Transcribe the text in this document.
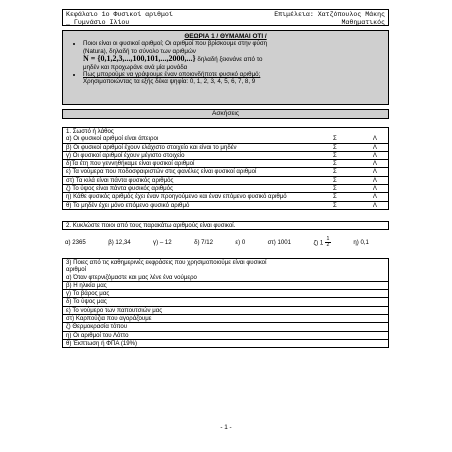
Κεφάλαιο 1ο Φυσικοί αριθμοί	Επιμέλεια: Χατζόπουλος Μάκης
_ Γυμνάσιο Ιλίου	Μαθηματικός
ΘΕΩΡΙΑ 1 / ΘΥΜΑΜΑΙ ΟΤΙ /
• Ποιοι είναι οι φυσικοί αριθμοί; Οι αριθμοί που βρίσκουμε στην φύση
(Natura), δηλαδή το σύνολο των αριθμών
N = {0,1,2,3,...,100,101,...,2000,...} δηλαδή ξεκινάνε από το
μηδέν και προχωράνε ανά μία μονάδα
• Πως μπορούμε να γράψουμε έναν οποιονδήποτε φυσικό αριθμό;
Χρησιμοποιώντας τα εξής δέκα ψηφία: 0, 1, 2, 3, 4, 5, 6, 7, 8, 9
Ασκήσεις
1. Σωστό ή λάθος
α) Οι φυσικοί αριθμοί είναι άπειροι	Σ	Λ
β) Οι φυσικοί αριθμοί έχουν ελάχιστο στοιχείο και είναι το μηδέν	Σ	Λ
γ) Οι φυσικοί αριθμοί έχουν μέγιστο στοιχείο	Σ	Λ
δ)Τα έτη που γεννηθήκαμε είναι φυσικοί αριθμοί	Σ	Λ
ε) Τα νούμερα που ποδοσφαιριστών στις φανέλες είναι φυσικοί αριθμοί	Σ	Λ
στ) Τα κιλά είναι πάντα φυσικός αριθμός	Σ	Λ
ζ) Το ύψος είναι πάντα φυσικός αριθμός	Σ	Λ
η) Κάθε φυσικός αριθμός έχει έναν προηγούμενο και έναν επόμενο φυσικό αριθμό	Σ	Λ
θ) Το μηδέν έχει μόνο επόμενο φυσικό αριθμό	Σ	Λ
2. Κυκλώστε ποιοι από τους παρακάτω αριθμούς είναι φυσικοί.
α) 2365	β) 12,34	γ) – 12	δ) 7/12	ε) 0	στ) 1001	ζ) $1 \frac{1}{2}$	η) 0,1
3) Ποιες από τις καθημερινές εκφράσεις που χρησιμοποιούμε είναι φυσικοί
αριθμοί
α) Όταν φτερνιζόμαστε και μας λένε ένα νούμερο
β) Η ηλικία μας
γ) Το βάρος μας
δ) Το ύψος μας
ε) Το νούμερο των παπουτσιών μας
στ) Καρπούζια που αγοράζουμε
ζ) Θερμοκρασία τόπου
η) Οι αριθμοί του Λόττο
θ) Έκπτωση ή ΦΠΑ (19%)
- 1 -
